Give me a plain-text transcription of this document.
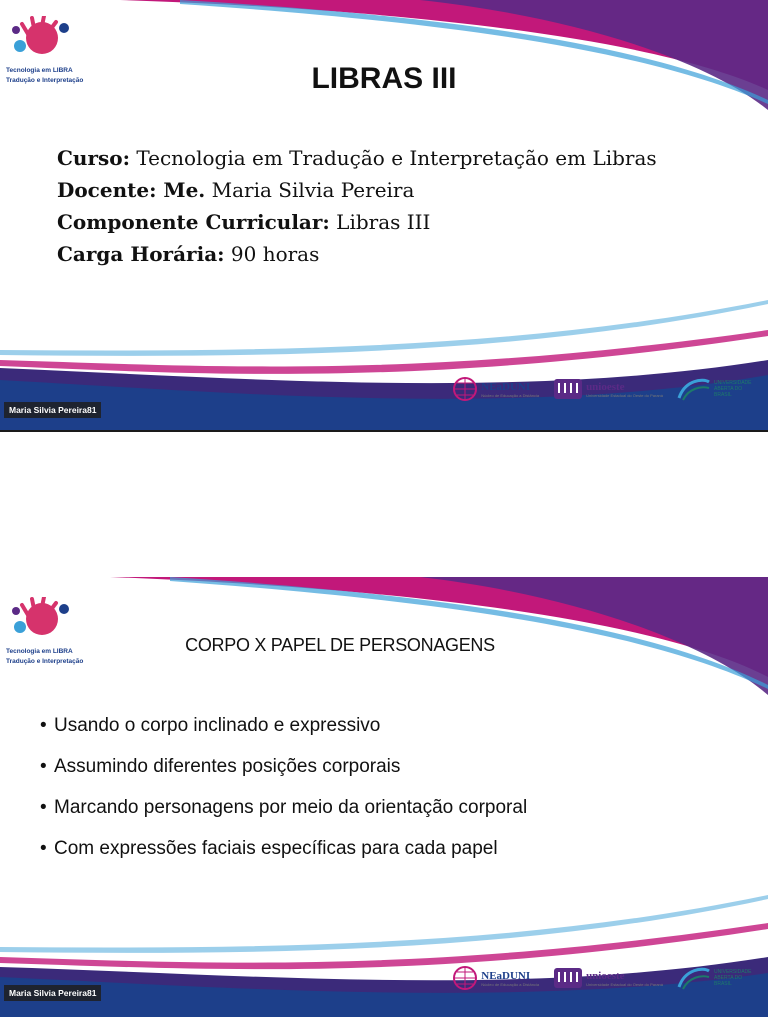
Tecnologia em LIBRA
Tradução e Interpretação	LIBRAS III
Curso: Tecnologia em Tradução e Interpretação em Libras
Docente: Me. Maria Silvia Pereira
Componente Curricular: Libras III
Carga Horária: 90 horas
NEaDUNI
Núcleo de Educação a Distância
unioeste
Universidade Estadual do Oeste do Paraná
UNIVERSIDADE ABERTA DO BRASIL
Maria Silvia Pereira81
Tecnologia em LIBRA
Tradução e Interpretação
CORPO X PAPEL DE PERSONAGENS
• Usando o corpo inclinado e expressivo
• Assumindo diferentes posições corporais
• Marcando personagens por meio da orientação corporal
• Com expressões faciais específicas para cada papel
NEaDUNI
Núcleo de Educação a Distância
unioeste
Universidade Estadual do Oeste do Paraná
UNIVERSIDADE ABERTA DO BRASIL
Maria Silvia Pereira81
